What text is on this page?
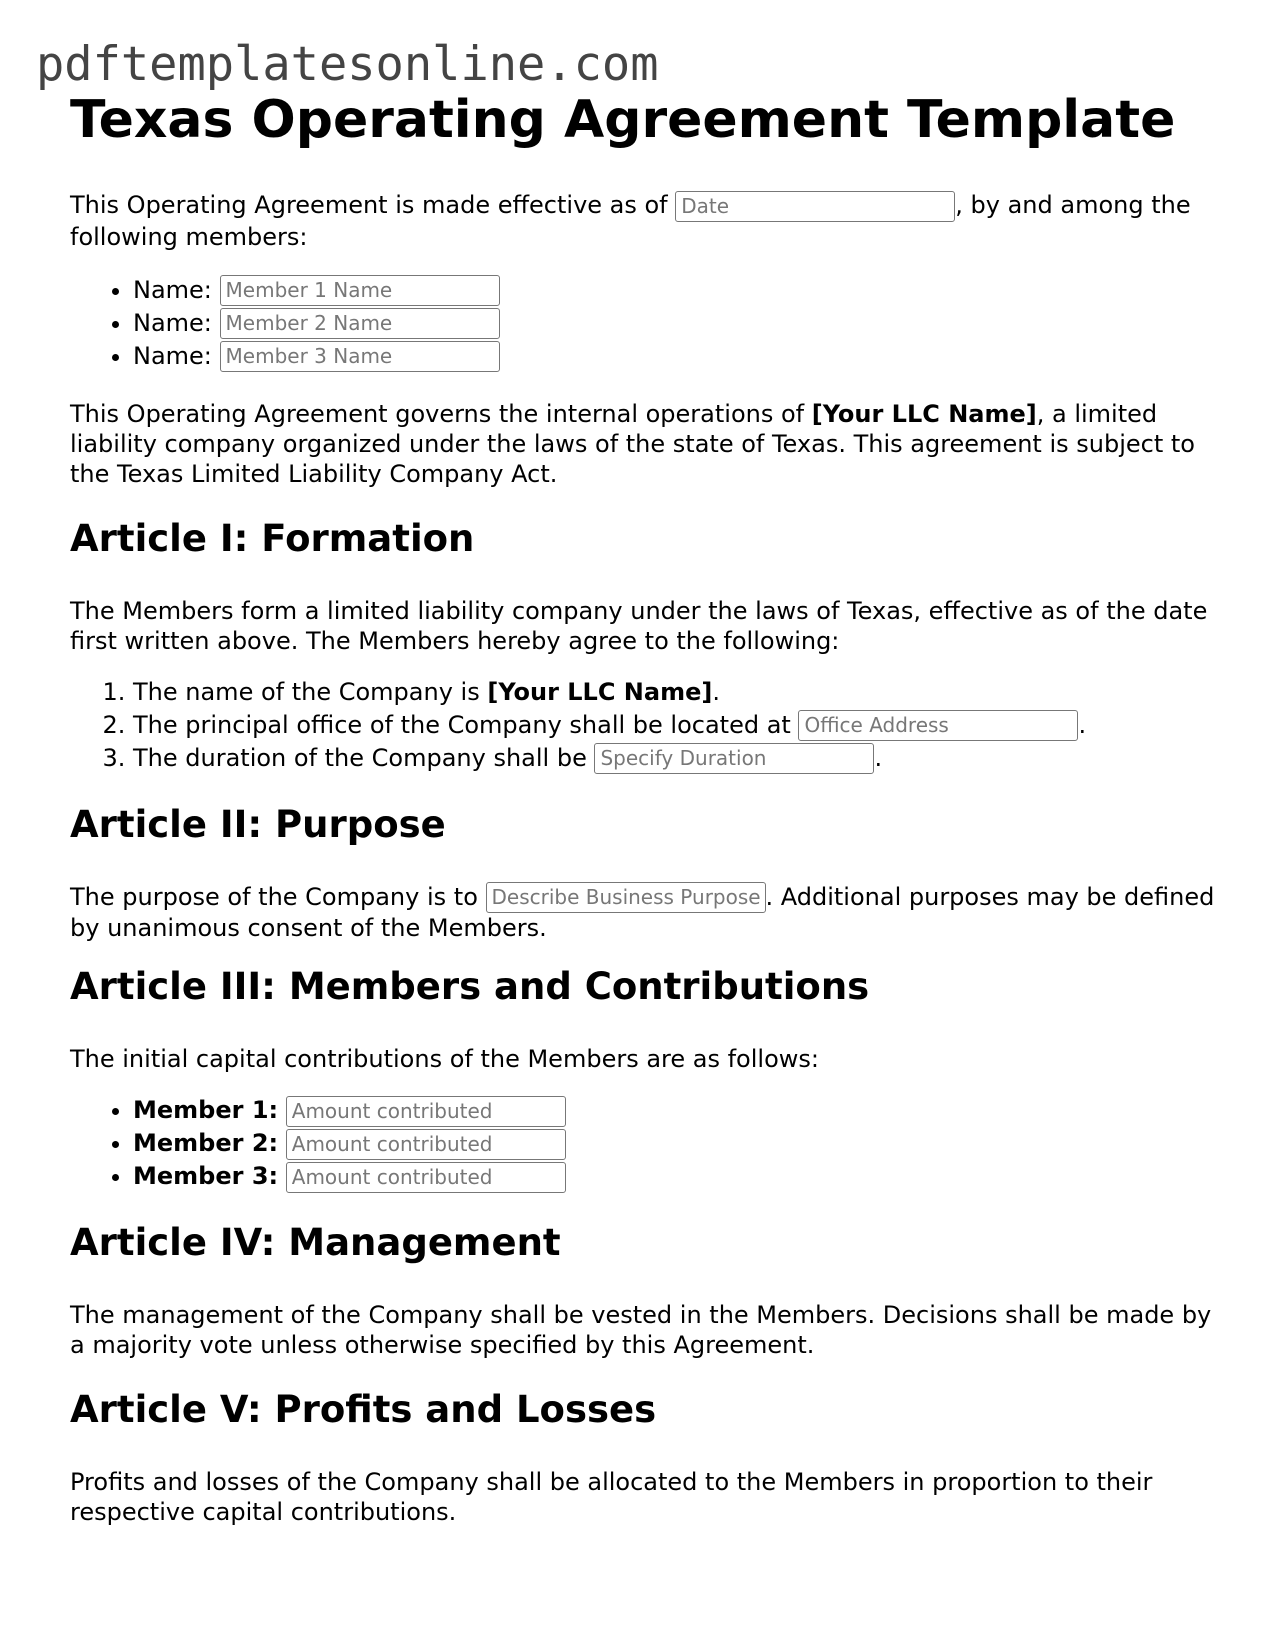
pdftemplatesonline.com
Texas Operating Agreement Template

This Operating Agreement is made effective as of Date	, by and among the following members:

• Name: Member 1 Name
• Name: Member 2 Name
• Name: Member 3 Name

This Operating Agreement governs the internal operations of [Your LLC Name], a limited liability company organized under the laws of the state of Texas. This agreement is subject to the Texas Limited Liability Company Act.

Article I: Formation

The Members form a limited liability company under the laws of Texas, effective as of the date first written above. The Members hereby agree to the following:

1. The name of the Company is [Your LLC Name].
2. The principal office of the Company shall be located at Office Address	.
3. The duration of the Company shall be Specify Duration	.
Article II: Purpose

The purpose of the Company is to Describe Business Purpose . Additional purposes may be defined by unanimous consent of the Members.

Article III: Members and Contributions

The initial capital contributions of the Members are as follows:

• Member 1: Amount contributed
• Member 2: Amount contributed
• Member 3: Amount contributed
Article IV: Management

The management of the Company shall be vested in the Members. Decisions shall be made by a majority vote unless otherwise specified by this Agreement.

Article V: Profits and Losses

Profits and losses of the Company shall be allocated to the Members in proportion to their respective capital contributions.
